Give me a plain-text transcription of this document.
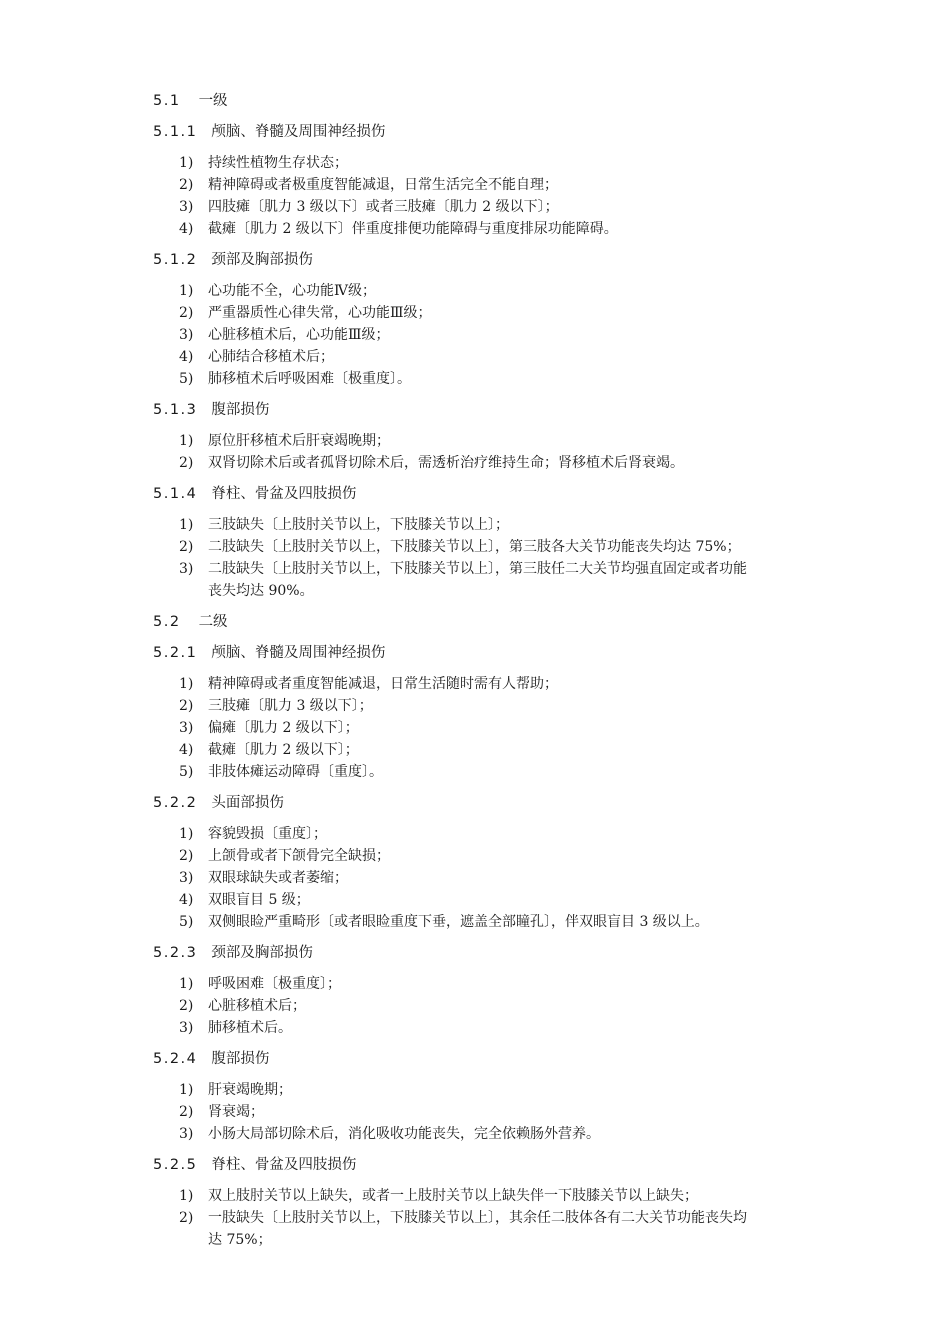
5.1 一级
5.1.1 颅脑、脊髓及周围神经损伤
1) 持续性植物生存状态；
2) 精神障碍或者极重度智能减退，日常生活完全不能自理；
3) 四肢瘫〔肌力 3 级以下〕或者三肢瘫〔肌力 2 级以下〕；
4) 截瘫〔肌力 2 级以下〕伴重度排便功能障碍与重度排尿功能障碍。
5.1.2 颈部及胸部损伤
1) 心功能不全，心功能Ⅳ级；
2) 严重器质性心律失常，心功能Ⅲ级；
3) 心脏移植术后，心功能Ⅲ级；
4) 心肺结合移植术后；
5) 肺移植术后呼吸困难〔极重度〕。
5.1.3 腹部损伤
1) 原位肝移植术后肝衰竭晚期；
2) 双肾切除术后或者孤肾切除术后，需透析治疗维持生命；肾移植术后肾衰竭。
5.1.4 脊柱、骨盆及四肢损伤
1) 三肢缺失〔上肢肘关节以上，下肢膝关节以上〕；
2) 二肢缺失〔上肢肘关节以上，下肢膝关节以上〕，第三肢各大关节功能丧失均达 75%；
3) 二肢缺失〔上肢肘关节以上，下肢膝关节以上〕，第三肢任二大关节均强直固定或者功能
丧失均达 90%。
5.2 二级
5.2.1 颅脑、脊髓及周围神经损伤
1) 精神障碍或者重度智能减退，日常生活随时需有人帮助；
2) 三肢瘫〔肌力 3 级以下〕；
3) 偏瘫〔肌力 2 级以下〕；
4) 截瘫〔肌力 2 级以下〕；
5) 非肢体瘫运动障碍〔重度〕。
5.2.2 头面部损伤
1) 容貌毁损〔重度〕；
2) 上颌骨或者下颌骨完全缺损；
3) 双眼球缺失或者萎缩；
4) 双眼盲目 5 级；
5) 双侧眼睑严重畸形〔或者眼睑重度下垂，遮盖全部瞳孔〕，伴双眼盲目 3 级以上。
5.2.3 颈部及胸部损伤
1) 呼吸困难〔极重度〕；
2) 心脏移植术后；
3) 肺移植术后。
5.2.4 腹部损伤
1) 肝衰竭晚期；
2) 肾衰竭；
3) 小肠大局部切除术后，消化吸收功能丧失，完全依赖肠外营养。
5.2.5 脊柱、骨盆及四肢损伤
1) 双上肢肘关节以上缺失，或者一上肢肘关节以上缺失伴一下肢膝关节以上缺失；
2) 一肢缺失〔上肢肘关节以上，下肢膝关节以上〕，其余任二肢体各有二大关节功能丧失均
达 75%；
